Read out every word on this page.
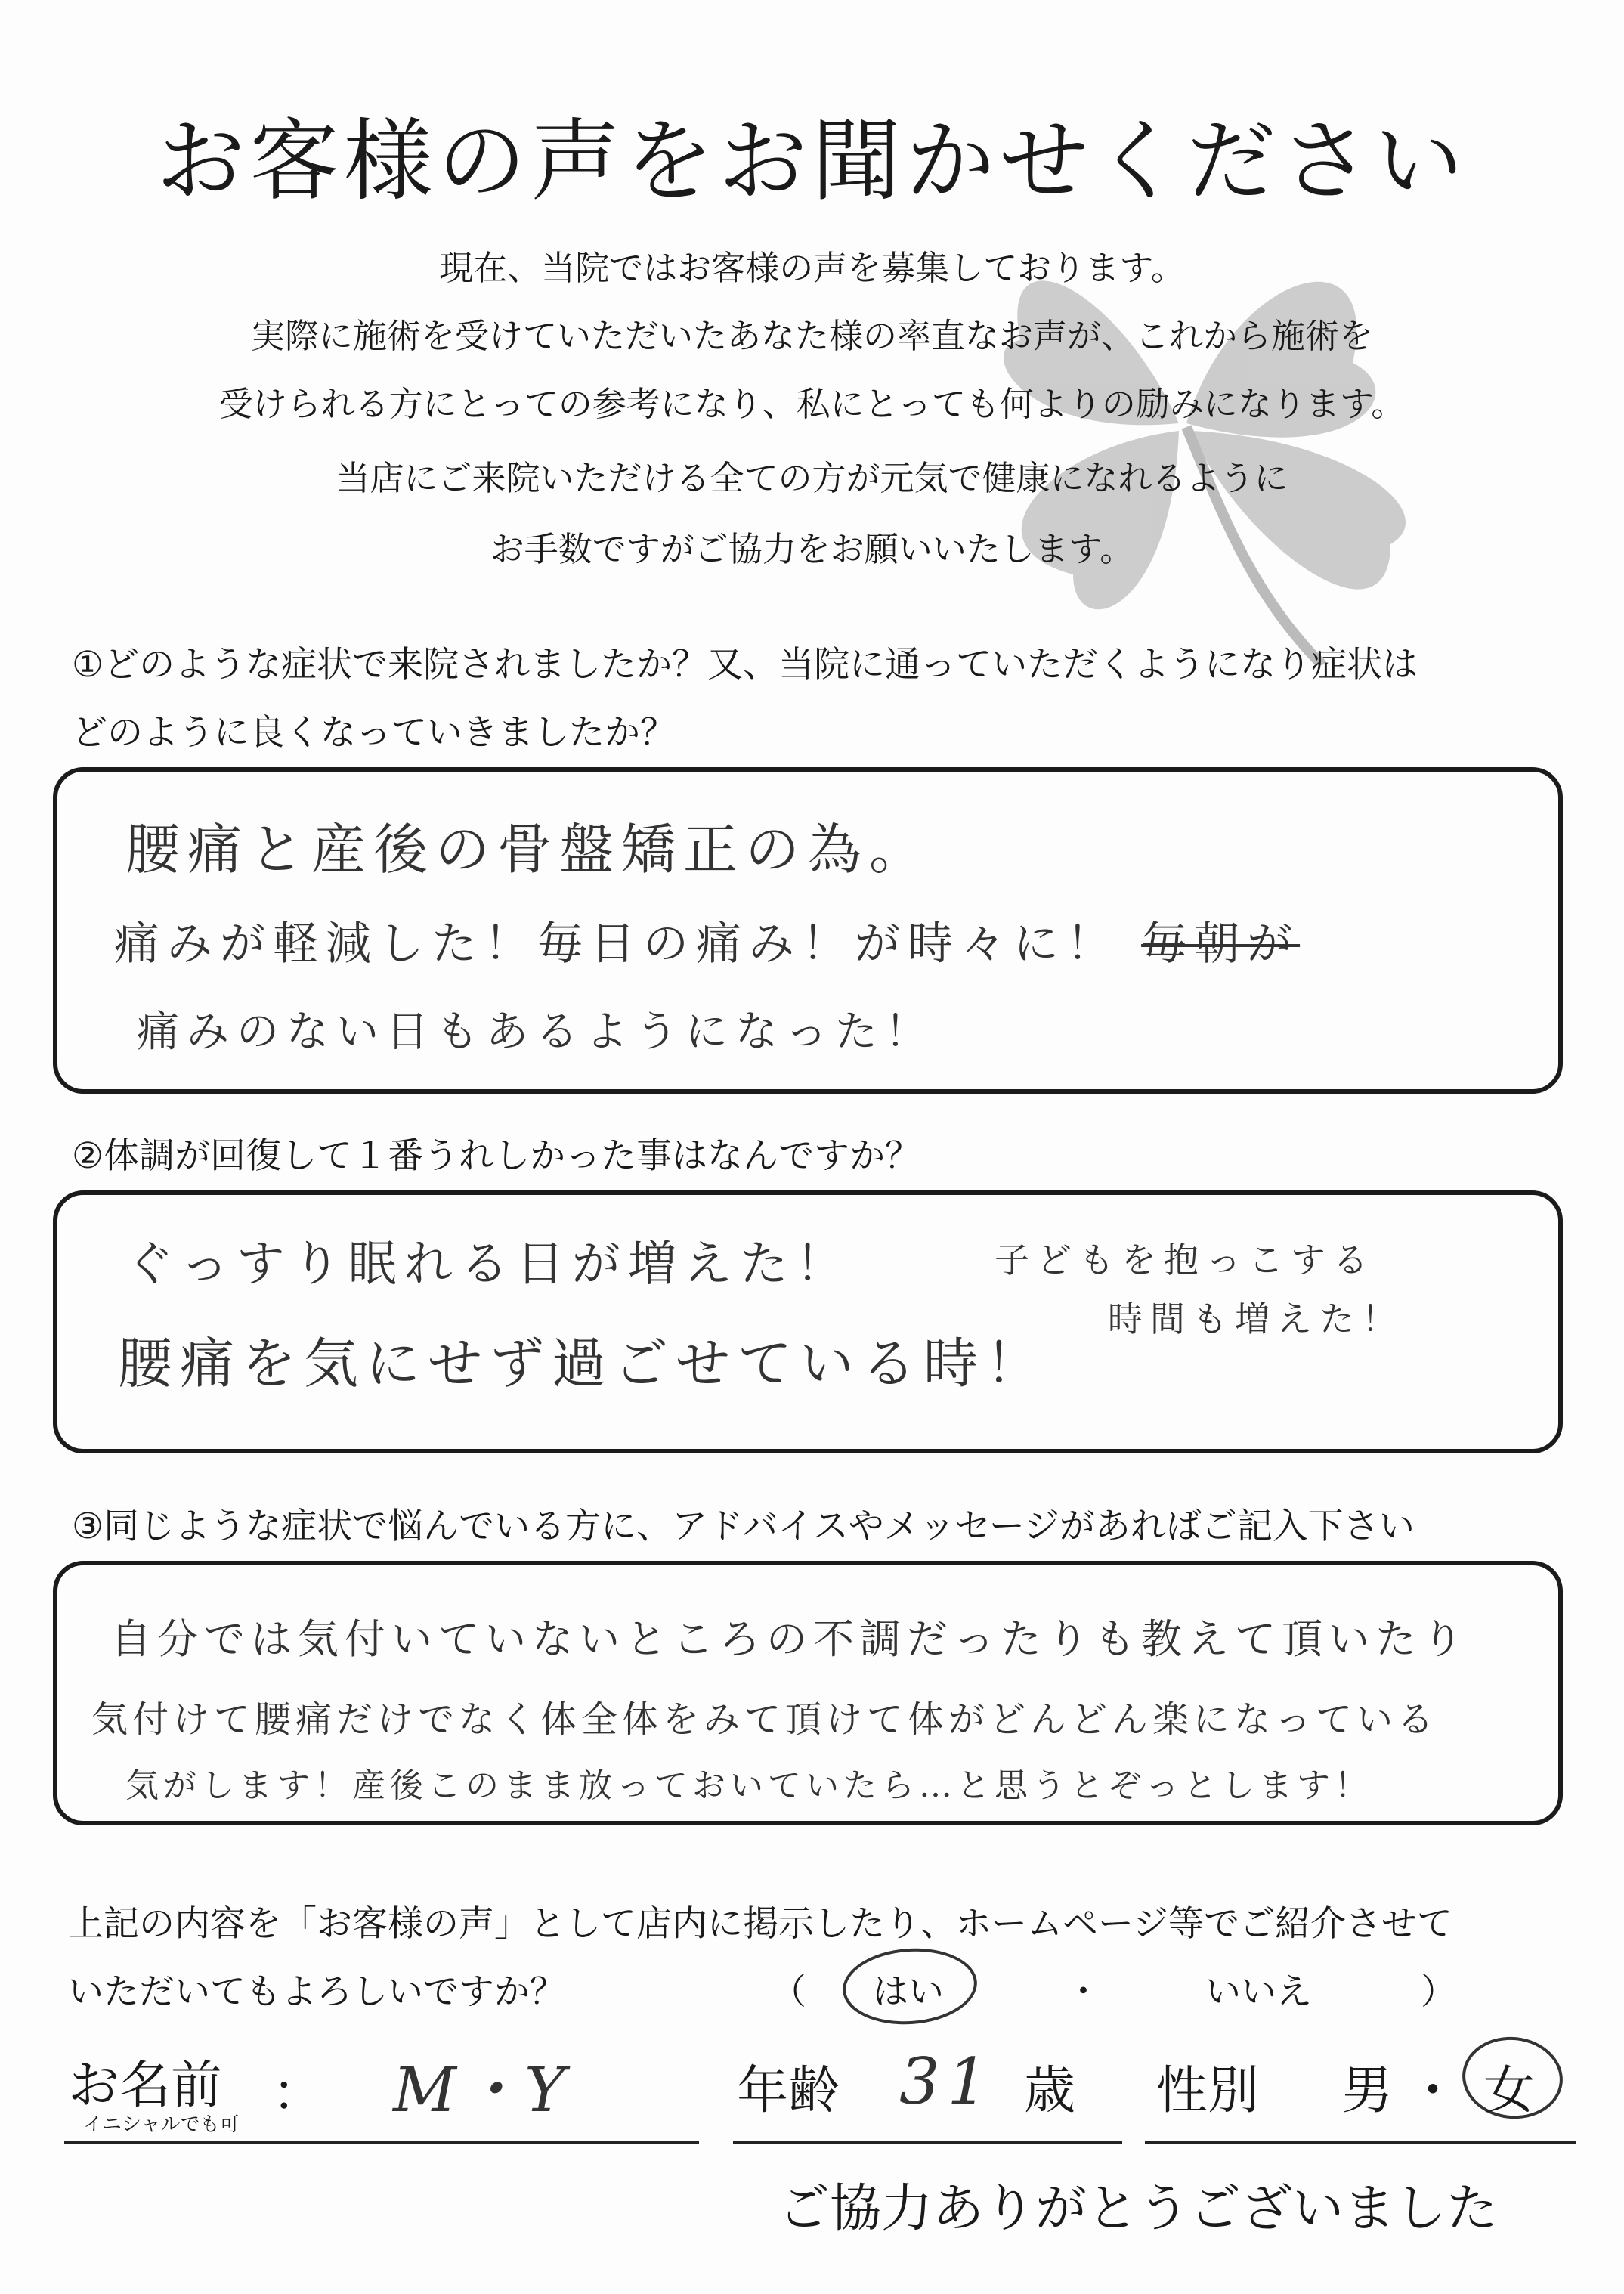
お客様の声をお聞かせください
現在、当院ではお客様の声を募集しております。
実際に施術を受けていただいたあなた様の率直なお声が、これから施術を
受けられる方にとっての参考になり、私にとっても何よりの励みになります。
当店にご来院いただける全ての方が元気で健康になれるように
お手数ですがご協力をお願いいたします。
①どのような症状で来院されましたか？又、当院に通っていただくようになり症状は
どのように良くなっていきましたか？
腰痛と産後の骨盤矯正の為。
痛みが軽減した！毎日の痛み！が時々に！ 毎朝が
痛みのない日もあるようになった！
②体調が回復して１番うれしかった事はなんですか？
ぐっすり眠れる日が増えた！
腰痛を気にせず過ごせている時！
子どもを抱っこする
時間も増えた！
③同じような症状で悩んでいる方に、アドバイスやメッセージがあればご記入下さい
自分では気付いていないところの不調だったりも教えて頂いたり
気付けて腰痛だけでなく体全体をみて頂けて体がどんどん楽になっている
気がします！産後このまま放っておいていたら…と思うとぞっとします！
上記の内容を「お客様の声」として店内に掲示したり、ホームページ等でご紹介させて
いただいてもよろしいですか？	（ はい	・	いいえ	）
お名前 ：
イニシャルでも可 M・Y	年齢 31 歳 性別 男 ・ 女
ご協力ありがとうございました
